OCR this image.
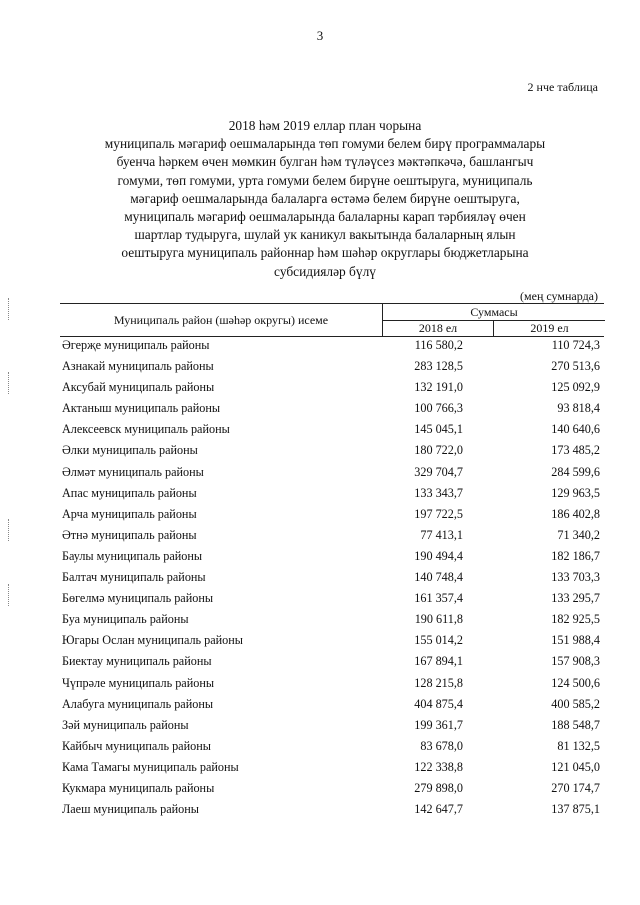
3
2 нче таблица
2018 һәм 2019 еллар план чорына
муниципаль мәгариф оешмаларында төп гомуми белем бирү программалары
буенча һәркем өчен мөмкин булган һәм түләүсез мәктәпкәчә, башлангыч
гомуми, төп гомуми, урта гомуми белем бирүне оештыруга, муниципаль
мәгариф оешмаларында балаларга өстәмә белем бирүне оештыруга,
муниципаль мәгариф оешмаларында балаларны карап тәрбияләү өчен
шартлар тудыруга, шулай ук каникул вакытында балаларның ялын
оештыруга муниципаль районнар һәм шәһәр округлары бюджетларына
субсидияләр бүлү
(мең сумнарда)
Муниципаль район (шәһәр округы) исеме
Суммасы
2018 ел	2019 ел
Әгерҗе муниципаль районы	116 580,2	110 724,3
Азнакай муниципаль районы	283 128,5	270 513,6
Аксубай муниципаль районы	132 191,0	125 092,9
Актаныш муниципаль районы	100 766,3	93 818,4
Алексеевск муниципаль районы	145 045,1	140 640,6
Әлки муниципаль районы	180 722,0	173 485,2
Әлмәт муниципаль районы	329 704,7	284 599,6
Апас муниципаль районы	133 343,7	129 963,5
Арча муниципаль районы	197 722,5	186 402,8
Әтнә муниципаль районы	77 413,1	71 340,2
Баулы муниципаль районы	190 494,4	182 186,7
Балтач муниципаль районы	140 748,4	133 703,3
Бөгелмә муниципаль районы	161 357,4	133 295,7
Буа муниципаль районы	190 611,8	182 925,5
Югары Ослан муниципаль районы	155 014,2	151 988,4
Биектау муниципаль районы	167 894,1	157 908,3
Чүпрәле муниципаль районы	128 215,8	124 500,6
Алабуга муниципаль районы	404 875,4	400 585,2
Зәй муниципаль районы	199 361,7	188 548,7
Кайбыч муниципаль районы	83 678,0	81 132,5
Кама Тамагы муниципаль районы	122 338,8	121 045,0
Кукмара муниципаль районы	279 898,0	270 174,7
Лаеш муниципаль районы	142 647,7	137 875,1
